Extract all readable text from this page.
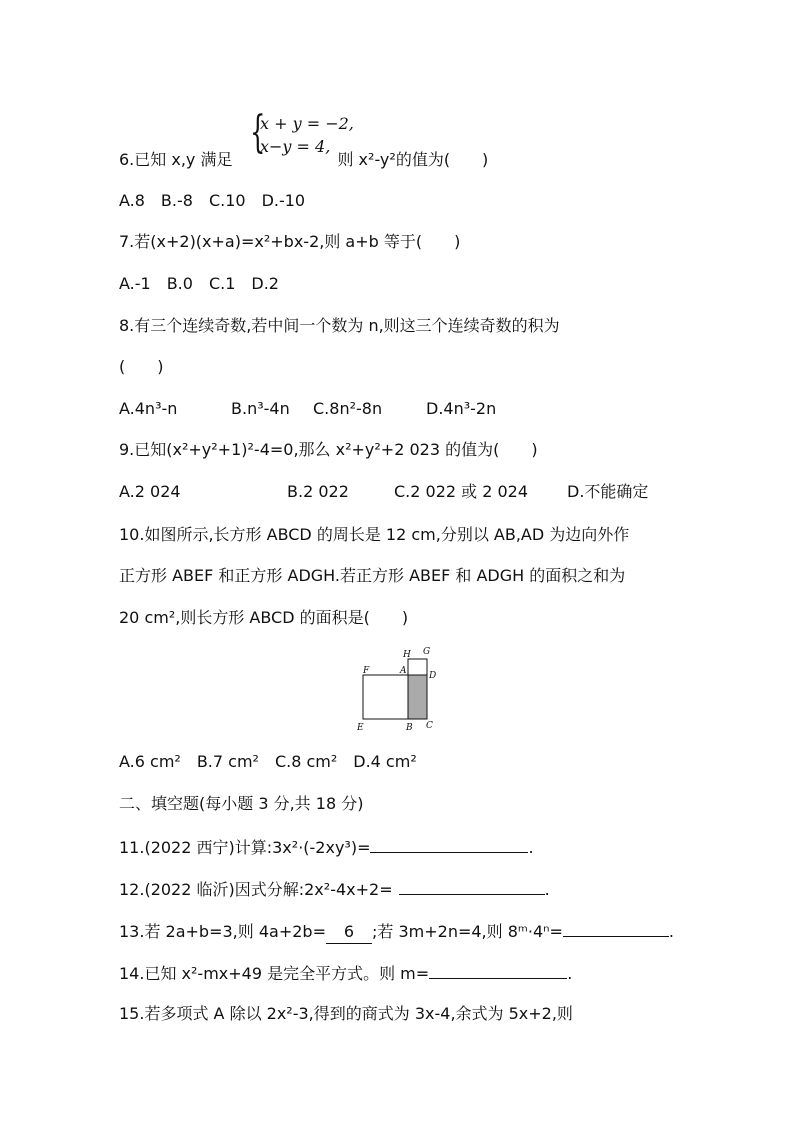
{
x + y = −2,
x−y = 4,
6.已知 x,y 满足	则 x²-y²的值为(　　)
A.8　B.-8　C.10　D.-10
7.若(x+2)(x+a)=x²+bx-2,则 a+b 等于(　　)
A.-1　B.0　C.1　D.2
8.有三个连续奇数,若中间一个数为 n,则这三个连续奇数的积为
(　　)
A.4n³-n	B.n³-4n C.8n²-8n	D.4n³-2n
9.已知(x²+y²+1)²-4=0,那么 x²+y²+2 023 的值为(　　)
A.2 024	B.2 022	C.2 022 或 2 024 D.不能确定
10.如图所示,长方形 ABCD 的周长是 12 cm,分别以 AB,AD 为边向外作
正方形 ABEF 和正方形 ADGH.若正方形 ABEF 和 ADGH 的面积之和为
20 cm²,则长方形 ABCD 的面积是(　　)
F	A
H G
D
E	B C
A.6 cm²　B.7 cm²　C.8 cm²　D.4 cm²
二、填空题(每小题 3 分,共 18 分)
11.(2022 西宁)计算:3x²·(-2xy³)=	.
12.(2022 临沂)因式分解:2x²-4x+2=	.
13.若 2a+b=3,则 4a+2b= 6 ;若 3m+2n=4,则 8ᵐ·4ⁿ=	.
14.已知 x²-mx+49 是完全平方式。则 m=	.
15.若多项式 A 除以 2x²-3,得到的商式为 3x-4,余式为 5x+2,则
